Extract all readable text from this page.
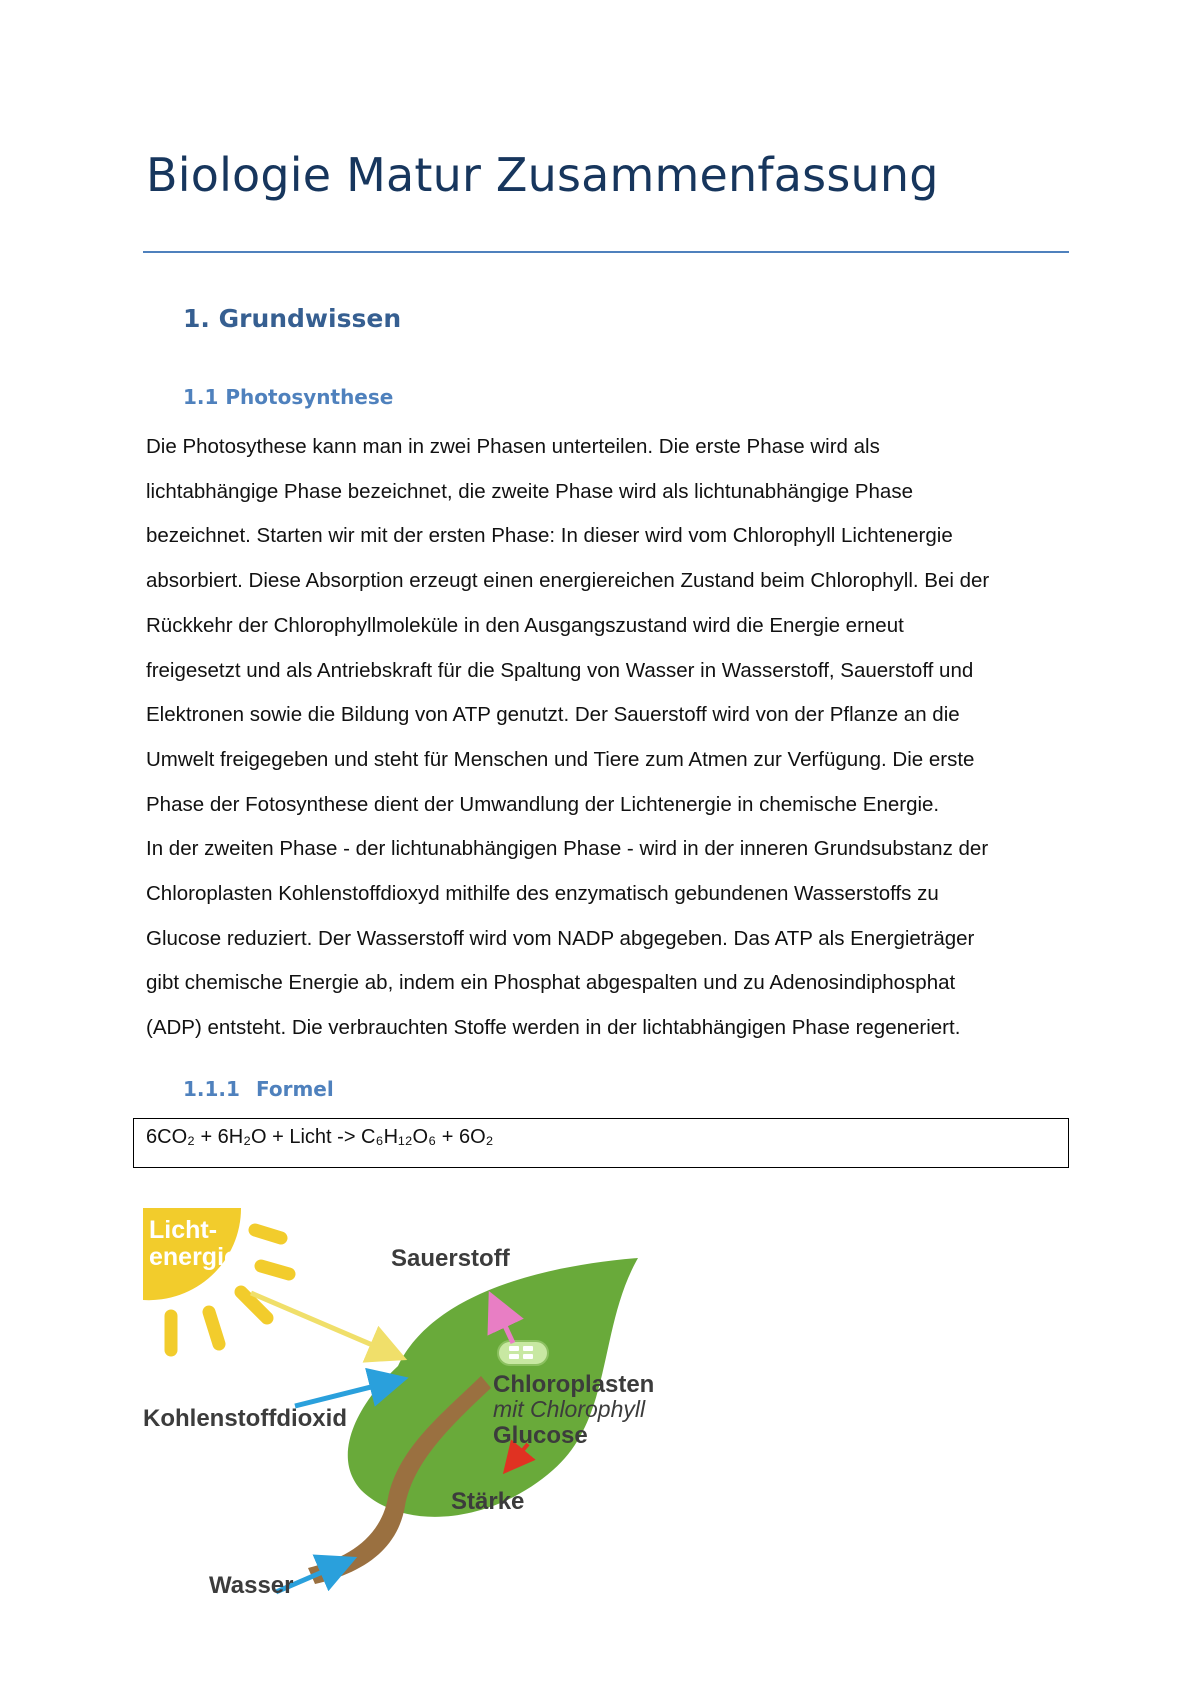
Biologie Matur Zusammenfassung
1. Grundwissen
1.1 Photosynthese
Die Photosythese kann man in zwei Phasen unterteilen. Die erste Phase wird als
lichtabhängige Phase bezeichnet, die zweite Phase wird als lichtunabhängige Phase
bezeichnet. Starten wir mit der ersten Phase: In dieser wird vom Chlorophyll Lichtenergie
absorbiert. Diese Absorption erzeugt einen energiereichen Zustand beim Chlorophyll. Bei der
Rückkehr der Chlorophyllmoleküle in den Ausgangszustand wird die Energie erneut
freigesetzt und als Antriebskraft für die Spaltung von Wasser in Wasserstoff, Sauerstoff und
Elektronen sowie die Bildung von ATP genutzt. Der Sauerstoff wird von der Pflanze an die
Umwelt freigegeben und steht für Menschen und Tiere zum Atmen zur Verfügung. Die erste
Phase der Fotosynthese dient der Umwandlung der Lichtenergie in chemische Energie.
In der zweiten Phase - der lichtunabhängigen Phase - wird in der inneren Grundsubstanz der
Chloroplasten Kohlenstoffdioxyd mithilfe des enzymatisch gebundenen Wasserstoffs zu
Glucose reduziert. Der Wasserstoff wird vom NADP abgegeben. Das ATP als Energieträger
gibt chemische Energie ab, indem ein Phosphat abgespalten und zu Adenosindiphosphat
(ADP) entsteht. Die verbrauchten Stoffe werden in der lichtabhängigen Phase regeneriert.
1.1.1 Formel
6CO₂ + 6H₂O + Licht -> C₆H₁₂O₆ + 6O₂
Licht-
energie	Sauerstoff
Chloroplasten
mit Chlorophyll
Kohlenstoffdioxid
Glucose
Stärke
Wasser
